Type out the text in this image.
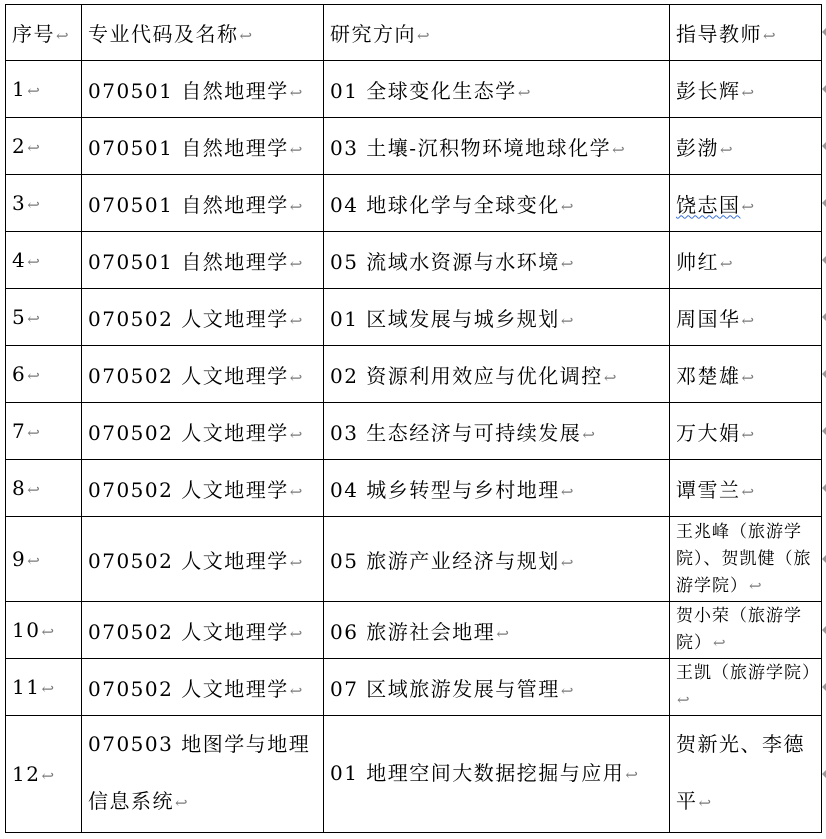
序号↩	专业代码及名称↩	研究方向↩	指导教师↩
1↩	070501 自然地理学↩	01 全球变化生态学↩	彭长辉↩
2↩	070501 自然地理学↩	03 土壤-沉积物环境地球化学↩	彭渤↩
3↩	070501 自然地理学↩	04 地球化学与全球变化↩	饶志国↩
4↩	070501 自然地理学↩	05 流域水资源与水环境↩	帅红↩
5↩	070502 人文地理学↩	01 区域发展与城乡规划↩	周国华↩
6↩	070502 人文地理学↩	02 资源利用效应与优化调控↩	邓楚雄↩
7↩	070502 人文地理学↩	03 生态经济与可持续发展↩	万大娟↩
8↩	070502 人文地理学↩	04 城乡转型与乡村地理↩	谭雪兰↩
9↩	070502 人文地理学↩	05 旅游产业经济与规划↩	王兆峰（旅游学院）、贺凯健（旅游学院）↩
10↩	070502 人文地理学↩	06 旅游社会地理↩	贺小荣（旅游学院）↩
11↩	070502 人文地理学↩	07 区域旅游发展与管理↩	王凯（旅游学院）↩
12↩	070503 地图学与地理信息系统↩	01 地理空间大数据挖掘与应用↩	贺新光、李德平↩
